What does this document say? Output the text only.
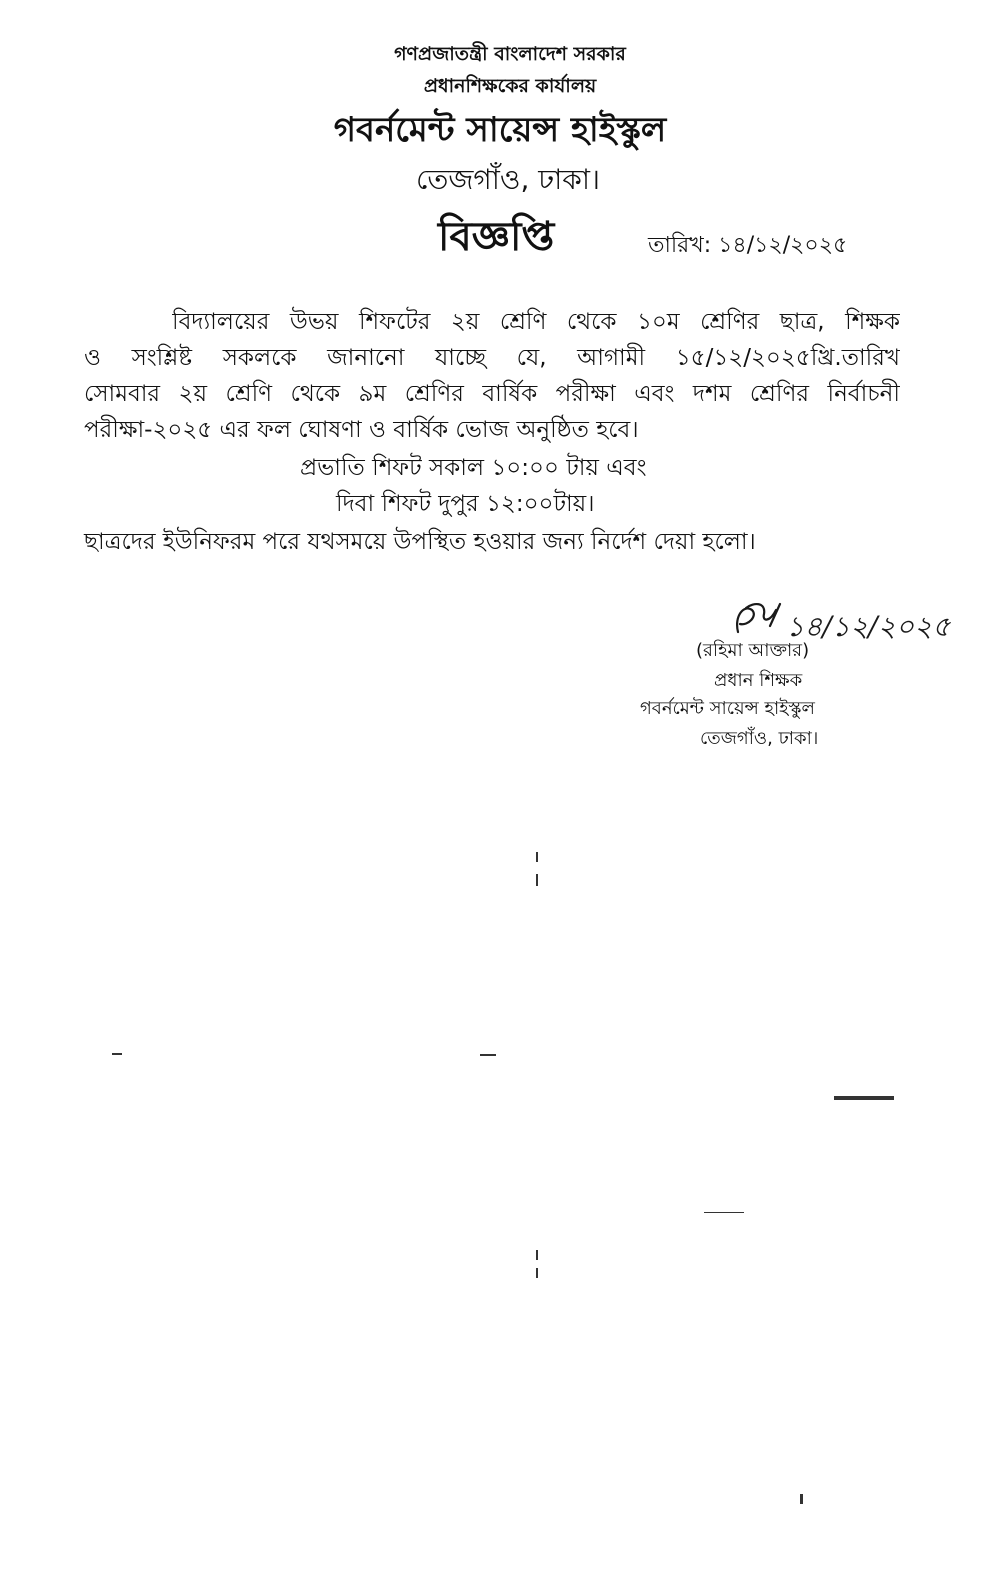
গণপ্রজাতন্ত্রী বাংলাদেশ সরকার
প্রধানশিক্ষকের কার্যালয়
গবর্নমেন্ট সায়েন্স হাইস্কুল
তেজগাঁও, ঢাকা।
বিজ্ঞপ্তি	তারিখ: ১৪/১২/২০২৫
বিদ্যালয়ের উভয় শিফটের ২য় শ্রেণি থেকে ১০ম শ্রেণির ছাত্র, শিক্ষক
ও সংশ্লিষ্ট সকলকে জানানো যাচ্ছে যে, আগামী ১৫/১২/২০২৫খ্রি.তারিখ
সোমবার ২য় শ্রেণি থেকে ৯ম শ্রেণির বার্ষিক পরীক্ষা এবং দশম শ্রেণির নির্বাচনী
পরীক্ষা-২০২৫ এর ফল ঘোষণা ও বার্ষিক ভোজ অনুষ্ঠিত হবে।
প্রভাতি শিফট সকাল ১০:০০ টায় এবং
দিবা শিফট দুপুর ১২:০০টায়।
ছাত্রদের ইউনিফরম পরে যথসময়ে উপস্থিত হওয়ার জন্য নির্দেশ দেয়া হলো।
১৪/১২/২০২৫
(রহিমা আক্তার)
প্রধান শিক্ষক
গবর্নমেন্ট সায়েন্স হাইস্কুল
তেজগাঁও, ঢাকা।
